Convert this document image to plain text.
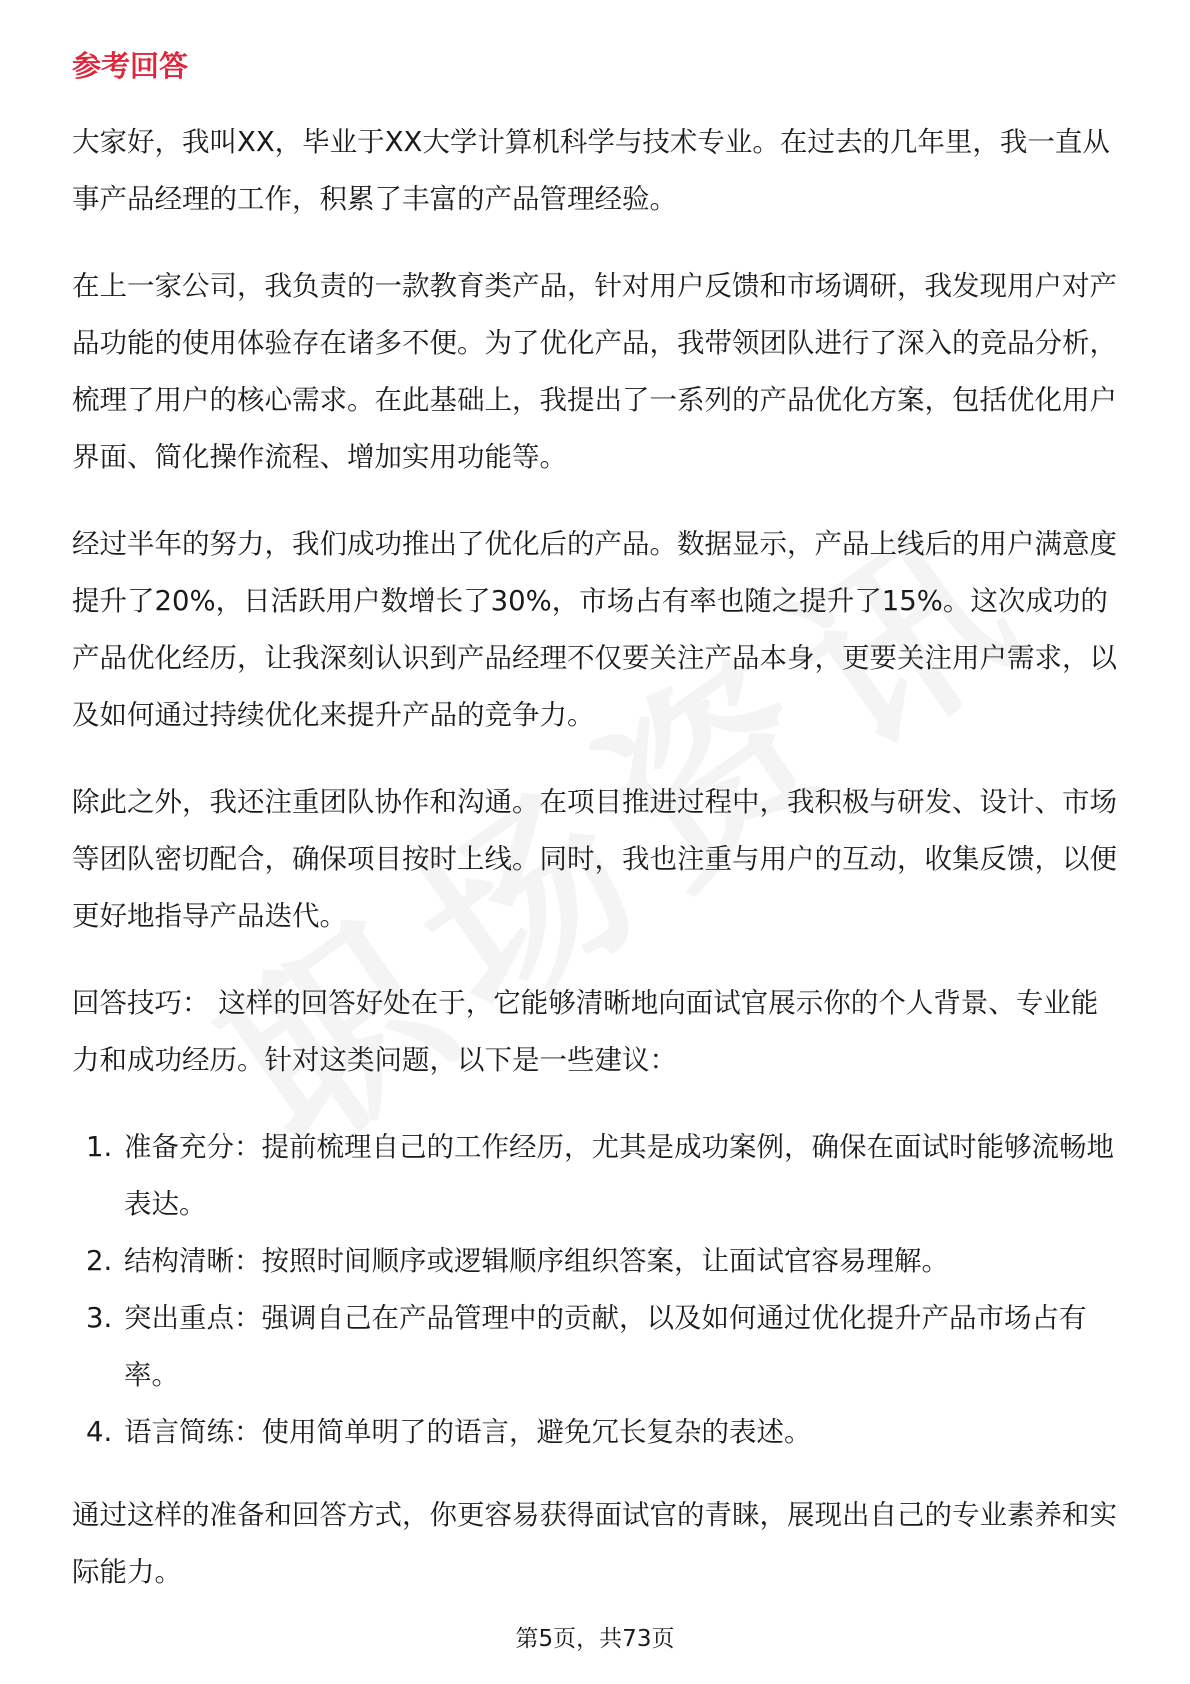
参考回答

大家好，我叫XX，毕业于XX大学计算机科学与技术专业。在过去的几年里，我一直从事产品经理的工作，积累了丰富的产品管理经验。

在上一家公司，我负责的一款教育类产品，针对用户反馈和市场调研，我发现用户对产品功能的使用体验存在诸多不便。为了优化产品，我带领团队进行了深入的竞品分析，梳理了用户的核心需求。在此基础上，我提出了一系列的产品优化方案，包括优化用户界面、简化操作流程、增加实用功能等。

经过半年的努力，我们成功推出了优化后的产品。数据显示，产品上线后的用户满意度提升了20%，日活跃用户数增长了30%，市场占有率也随之提升了15%。这次成功的产品优化经历，让我深刻认识到产品经理不仅要关注产品本身，更要关注用户需求，以及如何通过持续优化来提升产品的竞争力。

除此之外，我还注重团队协作和沟通。在项目推进过程中，我积极与研发、设计、市场等团队密切配合，确保项目按时上线。同时，我也注重与用户的互动，收集反馈，以便更好地指导产品迭代。

回答技巧： 这样的回答好处在于，它能够清晰地向面试官展示你的个人背景、专业能力和成功经历。针对这类问题，以下是一些建议：

1. 准备充分：提前梳理自己的工作经历，尤其是成功案例，确保在面试时能够流畅地表达。
2. 结构清晰：按照时间顺序或逻辑顺序组织答案，让面试官容易理解。
3. 突出重点：强调自己在产品管理中的贡献，以及如何通过优化提升产品市场占有率。
4. 语言简练：使用简单明了的语言，避免冗长复杂的表述。

通过这样的准备和回答方式，你更容易获得面试官的青睐，展现出自己的专业素养和实际能力。

第5页，共73页
